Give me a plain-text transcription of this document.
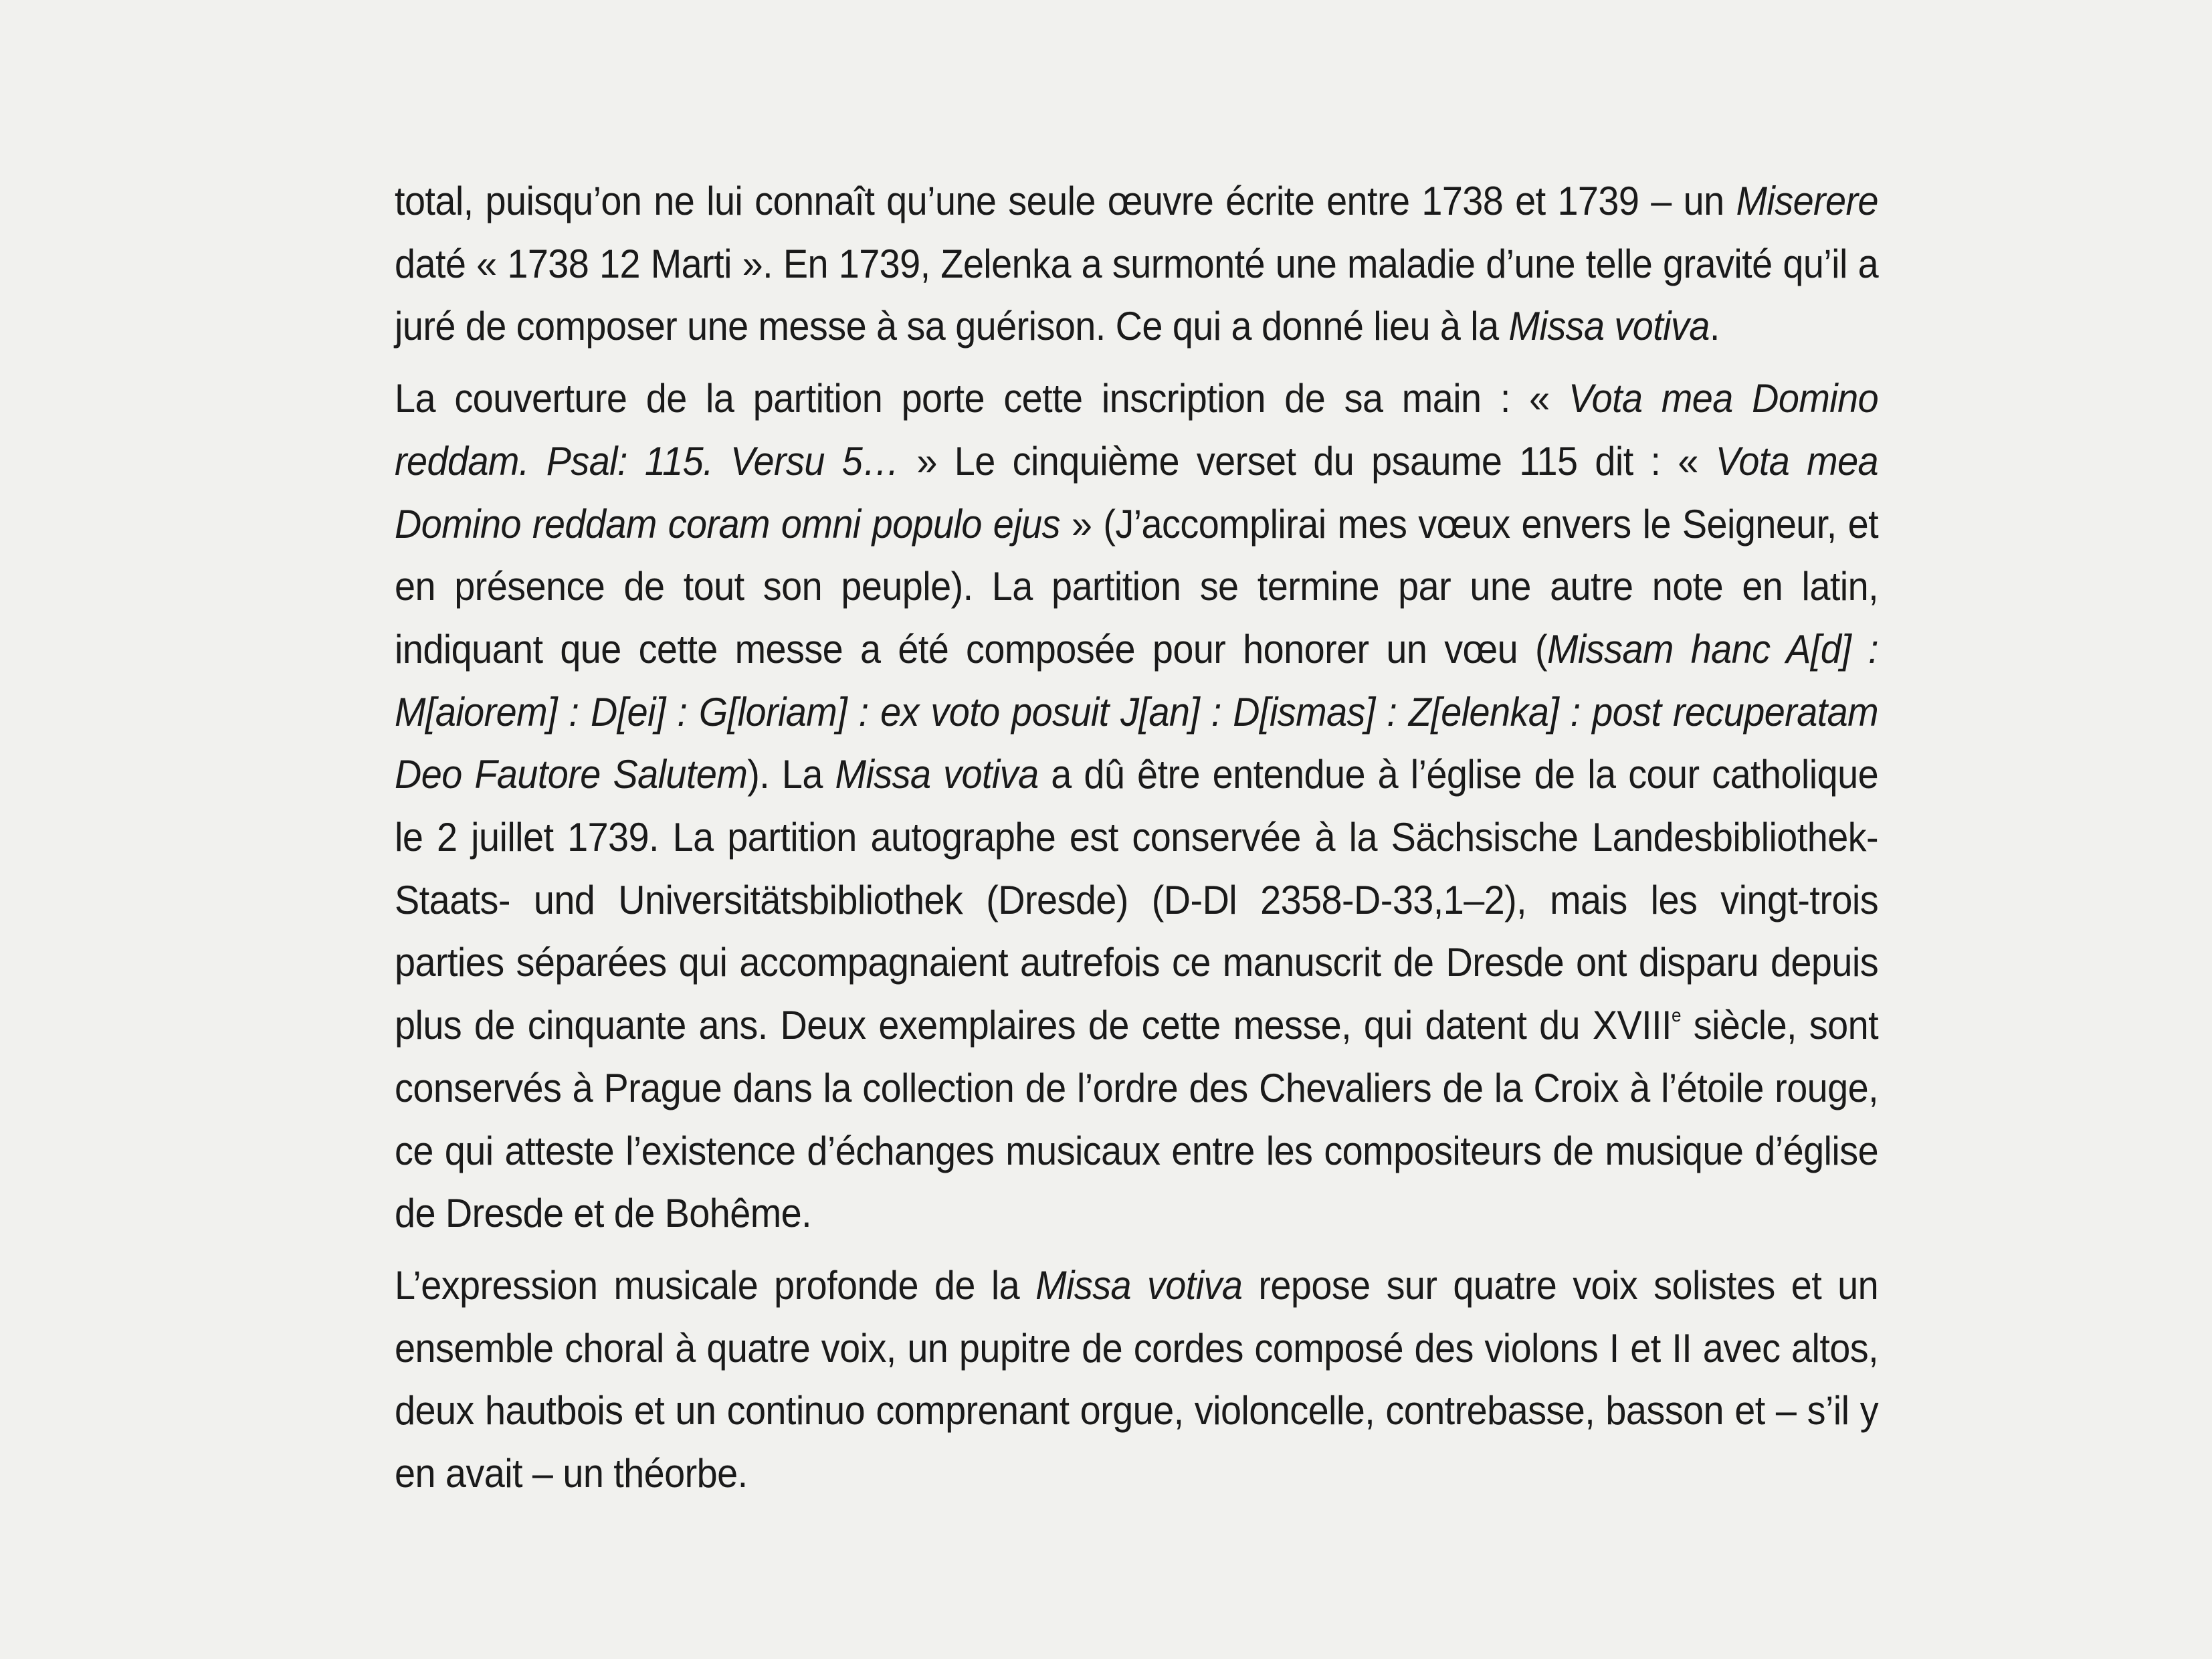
total, puisqu’on ne lui connaît qu’une seule œuvre écrite entre 1738 et 1739 – un Miserere daté « 1738 12 Marti ». En 1739, Zelenka a surmonté une maladie d’une telle gravité qu’il a juré de composer une messe à sa guérison. Ce qui a donné lieu à la Missa votiva.

La couverture de la partition porte cette inscription de sa main : « Vota mea Domino reddam. Psal: 115. Versu 5… » Le cinquième verset du psaume 115 dit : « Vota mea Domino reddam coram omni populo ejus » (J’accomplirai mes vœux envers le Seigneur, et en présence de tout son peuple). La partition se termine par une autre note en latin, indiquant que cette messe a été composée pour honorer un vœu (Missam hanc A[d] : M[aiorem] : D[ei] : G[loriam] : ex voto posuit J[an] : D[ismas] : Z[elenka] : post recuperatam Deo Fautore Salutem). La Missa votiva a dû être entendue à l’église de la cour catholique le 2 juillet 1739. La partition autographe est conservée à la Sächsische Landesbibliothek- Staats- und Universitätsbibliothek (Dresde) (D-Dl 2358-D-33,1–2), mais les vingt-trois parties séparées qui accompagnaient autrefois ce manuscrit de Dresde ont disparu depuis plus de cinquante ans. Deux exemplaires de cette messe, qui datent du XVIIIe siècle, sont conservés à Prague dans la collection de l’ordre des Chevaliers de la Croix à l’étoile rouge, ce qui atteste l’existence d’échanges musicaux entre les compositeurs de musique d’église de Dresde et de Bohême.

L’expression musicale profonde de la Missa votiva repose sur quatre voix solistes et un ensemble choral à quatre voix, un pupitre de cordes composé des violons I et II avec altos, deux hautbois et un continuo comprenant orgue, violoncelle, contrebasse, basson et – s’il y en avait – un théorbe.
